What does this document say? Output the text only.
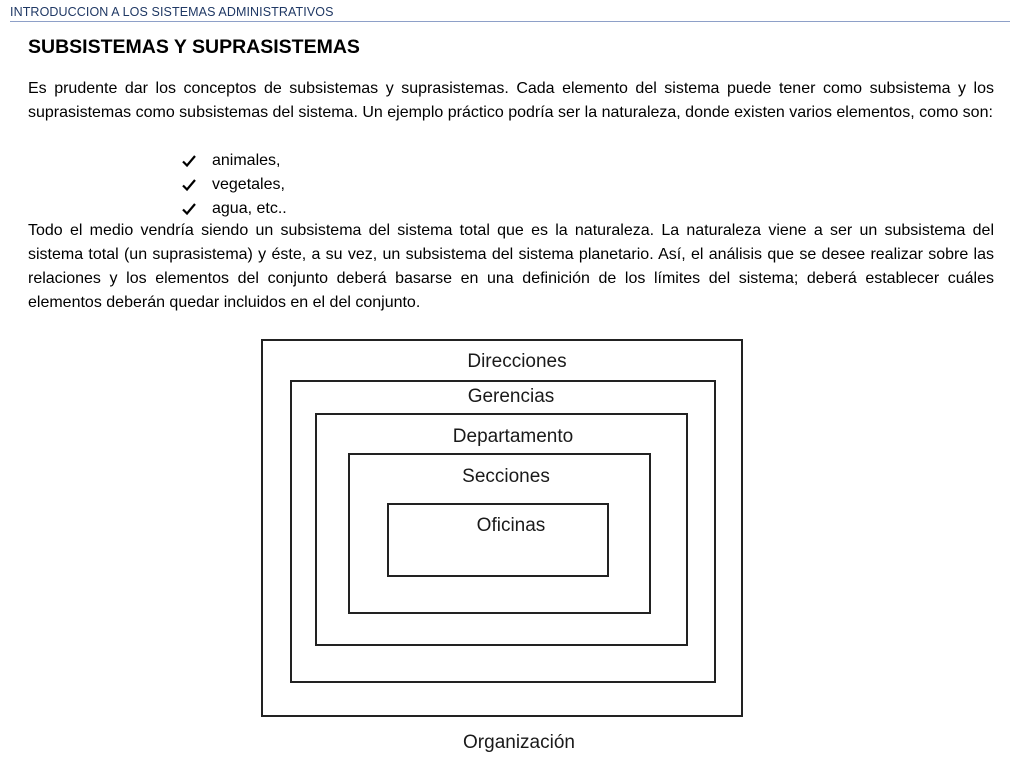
INTRODUCCION A LOS SISTEMAS ADMINISTRATIVOS
SUBSISTEMAS Y SUPRASISTEMAS

Es prudente dar los conceptos de subsistemas y suprasistemas. Cada elemento del sistema puede tener como subsistema y los suprasistemas como subsistemas del sistema. Un ejemplo práctico podría ser la naturaleza, donde existen varios elementos, como son:

animales,
vegetales,
agua, etc..

Todo el medio vendría siendo un subsistema del sistema total que es la naturaleza. La naturaleza viene a ser un subsistema del sistema total (un suprasistema) y éste, a su vez, un subsistema del sistema planetario. Así, el análisis que se desee realizar sobre las relaciones y los elementos del conjunto deberá basarse en una definición de los límites del sistema; deberá establecer cuáles elementos deberán quedar incluidos en el del conjunto.

Direcciones
Gerencias
Departamento
Secciones
Oficinas
Organización
